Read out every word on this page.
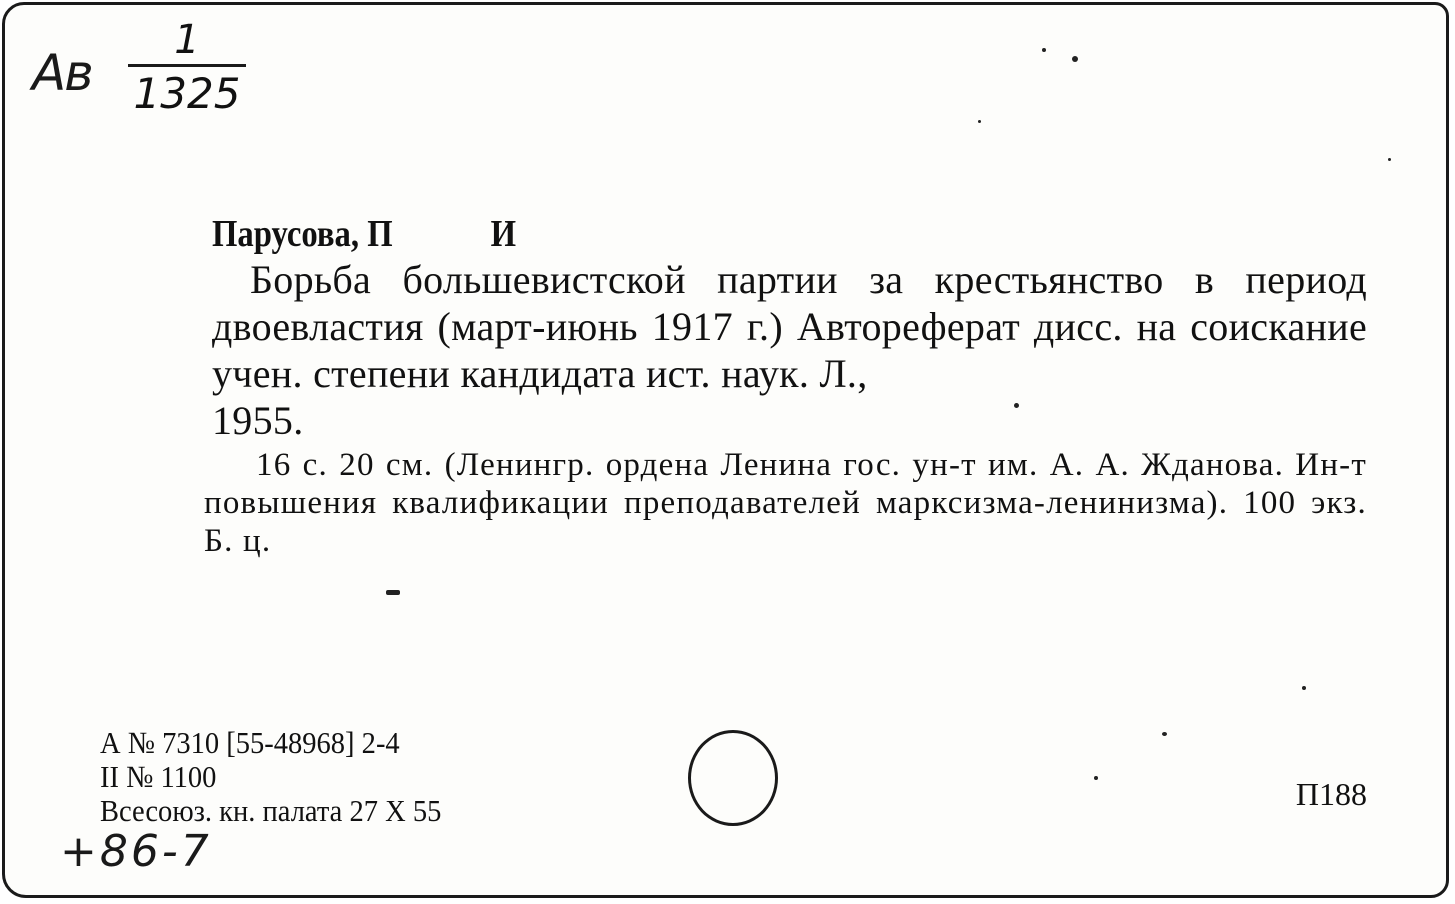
Ав
1
1325
Парусова, П            И
Борьба большевистской партии за крестьянство в период двоевластия (март-июнь 1917 г.) Автореферат дисс. на соискание учен. степени кандидата ист. наук. Л.,
1955.
16 с. 20 см. (Ленингр. ордена Ленина гос. ун-т им. А. А. Жданова. Ин-т повышения квалификации преподавателей марксизма-ленинизма). 100 экз. Б. ц.
А № 7310 [55-48968] 2-4
II № 1100
Всесоюз. кн. палата 27 Х 55	П188
+86-7
